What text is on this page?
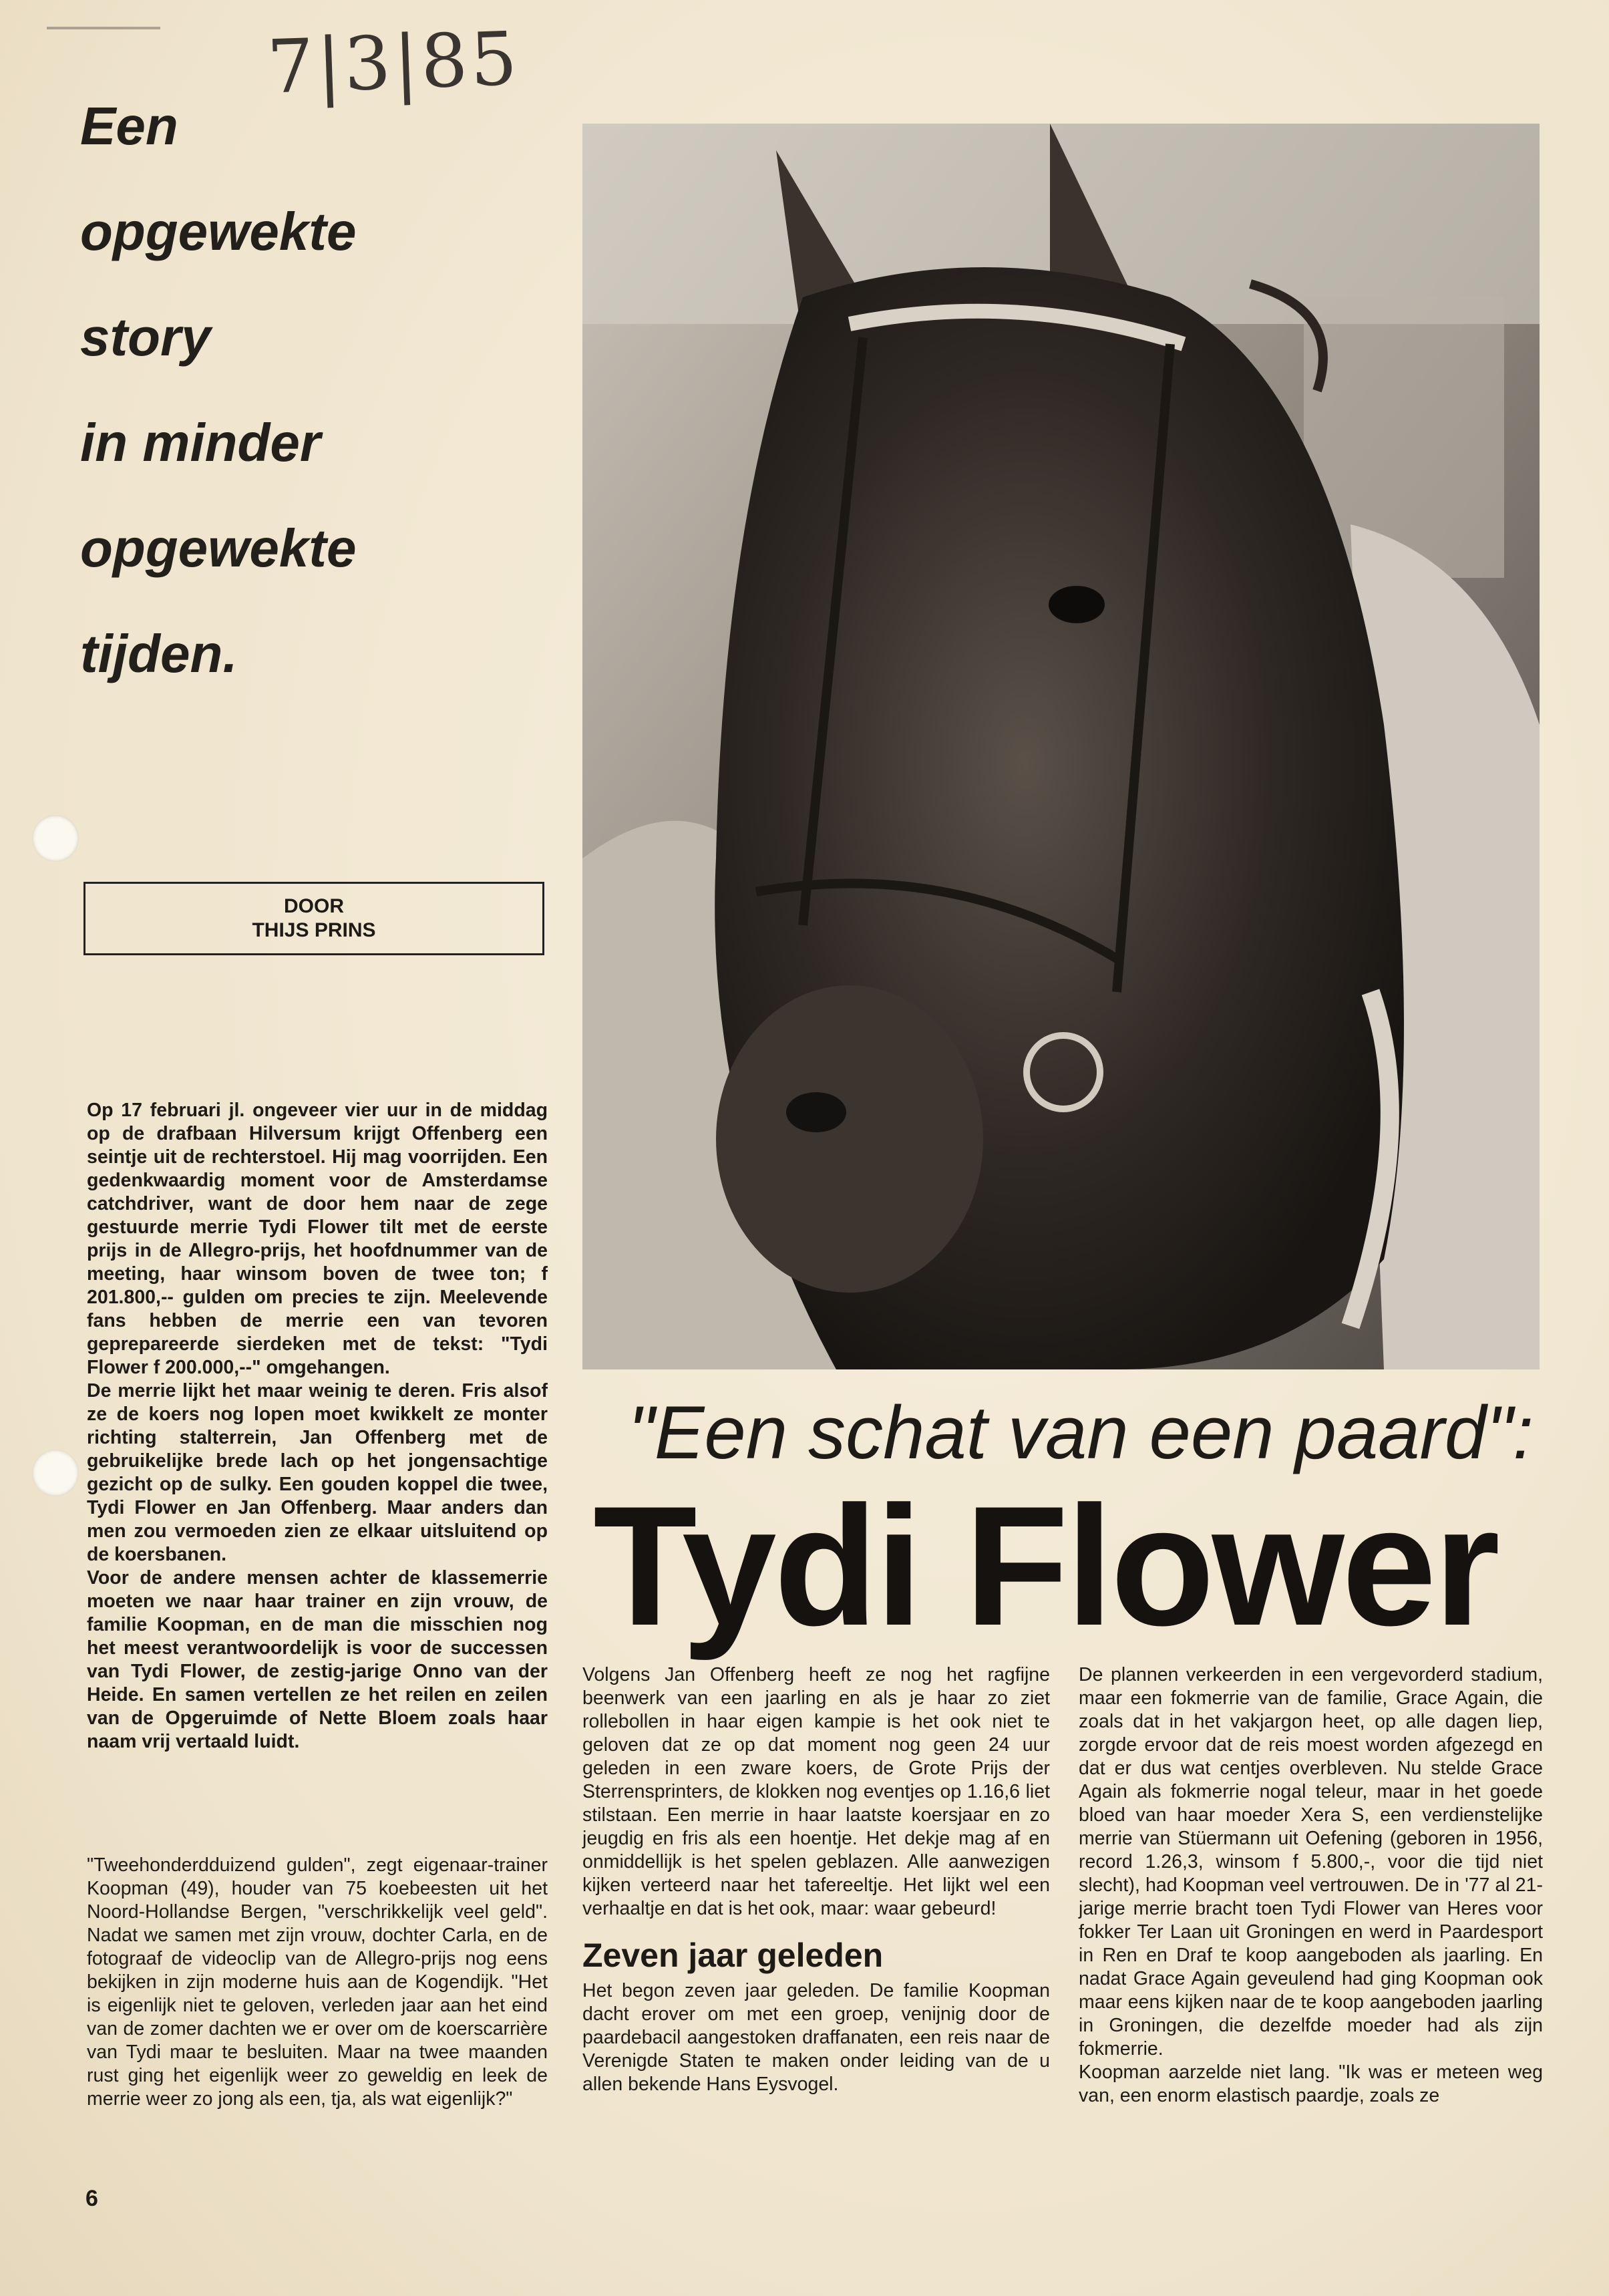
7|3|85
Een
opgewekte
story
in minder
opgewekte
tijden.
DOOR
THIJS PRINS
"Een schat van een paard":
Tydi Flower

Op 17 februari jl. ongeveer vier uur in de middag op de drafbaan Hilversum krijgt Offenberg een seintje uit de rechterstoel. Hij mag voorrijden. Een gedenkwaardig moment voor de Amsterdamse catchdriver, want de door hem naar de zege gestuurde merrie Tydi Flower tilt met de eerste prijs in de Allegro-prijs, het hoofdnummer van de meeting, haar winsom boven de twee ton; f 201.800,-- gulden om precies te zijn. Meelevende fans hebben de merrie een van tevoren geprepareerde sierdeken met de tekst: "Tydi Flower f 200.000,--" omgehangen.

De merrie lijkt het maar weinig te deren. Fris alsof ze de koers nog lopen moet kwikkelt ze monter richting stalterrein, Jan Offenberg met de gebruikelijke brede lach op het jongensachtige gezicht op de sulky. Een gouden koppel die twee, Tydi Flower en Jan Offenberg. Maar anders dan men zou vermoeden zien ze elkaar uitsluitend op de koersbanen.

Voor de andere mensen achter de klassemerrie moeten we naar haar trainer en zijn vrouw, de familie Koopman, en de man die misschien nog het meest verantwoordelijk is voor de successen van Tydi Flower, de zestig-jarige Onno van der Heide. En samen vertellen ze het reilen en zeilen van de Opgeruimde of Nette Bloem zoals haar naam vrij vertaald luidt.

"Tweehonderdduizend gulden", zegt eigenaar-trainer Koopman (49), houder van 75 koebeesten uit het Noord-Hollandse Bergen, "verschrikkelijk veel geld". Nadat we samen met zijn vrouw, dochter Carla, en de fotograaf de videoclip van de Allegro-prijs nog eens bekijken in zijn moderne huis aan de Kogendijk. "Het is eigenlijk niet te geloven, verleden jaar aan het eind van de zomer dachten we er over om de koerscarrière van Tydi maar te besluiten. Maar na twee maanden rust ging het eigenlijk weer zo geweldig en leek de merrie weer zo jong als een, tja, als wat eigenlijk?"

Volgens Jan Offenberg heeft ze nog het ragfijne beenwerk van een jaarling en als je haar zo ziet rollebollen in haar eigen kampie is het ook niet te geloven dat ze op dat moment nog geen 24 uur geleden in een zware koers, de Grote Prijs der Sterrensprinters, de klokken nog eventjes op 1.16,6 liet stilstaan. Een merrie in haar laatste koersjaar en zo jeugdig en fris als een hoentje. Het dekje mag af en onmiddellijk is het spelen geblazen. Alle aanwezigen kijken verteerd naar het tafereeltje. Het lijkt wel een verhaaltje en dat is het ook, maar: waar gebeurd!

Zeven jaar geleden

Het begon zeven jaar geleden. De familie Koopman dacht erover om met een groep, venijnig door de paardebacil aangestoken draffanaten, een reis naar de Verenigde Staten te maken onder leiding van de u allen bekende Hans Eysvogel.

De plannen verkeerden in een vergevorderd stadium, maar een fokmerrie van de familie, Grace Again, die zoals dat in het vakjargon heet, op alle dagen liep, zorgde ervoor dat de reis moest worden afgezegd en dat er dus wat centjes overbleven. Nu stelde Grace Again als fokmerrie nogal teleur, maar in het goede bloed van haar moeder Xera S, een verdienstelijke merrie van Stüermann uit Oefening (geboren in 1956, record 1.26,3, winsom f 5.800,-, voor die tijd niet slecht), had Koopman veel vertrouwen. De in '77 al 21-jarige merrie bracht toen Tydi Flower van Heres voor fokker Ter Laan uit Groningen en werd in Paardesport in Ren en Draf te koop aangeboden als jaarling. En nadat Grace Again geveulend had ging Koopman ook maar eens kijken naar de te koop aangeboden jaarling in Groningen, die dezelfde moeder had als zijn fokmerrie.

Koopman aarzelde niet lang. "Ik was er meteen weg van, een enorm elastisch paardje, zoals ze

6
